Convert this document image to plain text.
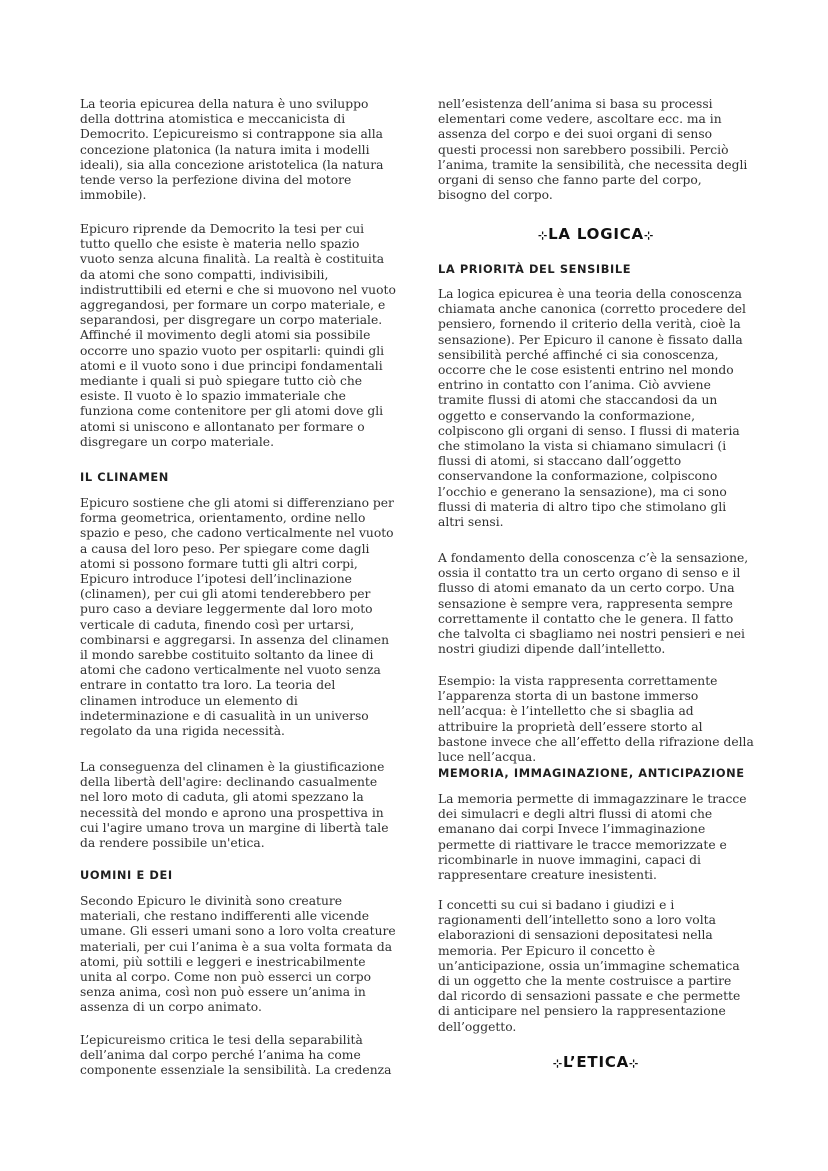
La teoria epicurea della natura è uno sviluppo della dottrina atomistica e meccanicista di Democrito. L’epicureismo si contrappone sia alla concezione platonica (la natura imita i modelli ideali), sia alla concezione aristotelica (la natura tende verso la perfezione divina del motore immobile).

Epicuro riprende da Democrito la tesi per cui tutto quello che esiste è materia nello spazio vuoto senza alcuna finalità. La realtà è costituita da atomi che sono compatti, indivisibili, indistruttibili ed eterni e che si muovono nel vuoto aggregandosi, per formare un corpo materiale, e separandosi, per disgregare un corpo materiale. Affinché il movimento degli atomi sia possibile occorre uno spazio vuoto per ospitarli: quindi gli atomi e il vuoto sono i due principi fondamentali mediante i quali si può spiegare tutto ciò che esiste. Il vuoto è lo spazio immateriale che funziona come contenitore per gli atomi dove gli atomi si uniscono e allontanato per formare o disgregare un corpo materiale.

IL CLINAMEN

Epicuro sostiene che gli atomi si differenziano per forma geometrica, orientamento, ordine nello spazio e peso, che cadono verticalmente nel vuoto a causa del loro peso. Per spiegare come dagli atomi si possono formare tutti gli altri corpi, Epicuro introduce l’ipotesi dell’inclinazione (clinamen), per cui gli atomi tenderebbero per puro caso a deviare leggermente dal loro moto verticale di caduta, finendo così per urtarsi, combinarsi e aggregarsi. In assenza del clinamen il mondo sarebbe costituito soltanto da linee di atomi che cadono verticalmente nel vuoto senza entrare in contatto tra loro. La teoria del clinamen introduce un elemento di indeterminazione e di casualità in un universo regolato da una rigida necessità.

La conseguenza del clinamen è la giustificazione della libertà dell'agire: declinando casualmente nel loro moto di caduta, gli atomi spezzano la necessità del mondo e aprono una prospettiva in cui l'agire umano trova un margine di libertà tale da rendere possibile un'etica.

UOMINI E DEI

Secondo Epicuro le divinità sono creature materiali, che restano indifferenti alle vicende umane. Gli esseri umani sono a loro volta creature materiali, per cui l’anima è a sua volta formata da atomi, più sottili e leggeri e inestricabilmente unita al corpo. Come non può esserci un corpo senza anima, così non può essere un’anima in assenza di un corpo animato.

L’epicureismo critica le tesi della separabilità dell’anima dal corpo perché l’anima ha come componente essenziale la sensibilità. La credenza

nell’esistenza dell’anima si basa su processi elementari come vedere, ascoltare ecc. ma in assenza del corpo e dei suoi organi di senso questi processi non sarebbero possibili. Perciò l’anima, tramite la sensibilità, che necessita degli organi di senso che fanno parte del corpo, bisogno del corpo.

⊹LA LOGICA⊹
LA PRIORITÀ DEL SENSIBILE

La logica epicurea è una teoria della conoscenza chiamata anche canonica (corretto procedere del pensiero, fornendo il criterio della verità, cioè la sensazione). Per Epicuro il canone è fissato dalla sensibilità perché affinché ci sia conoscenza, occorre che le cose esistenti entrino nel mondo entrino in contatto con l’anima. Ciò avviene tramite flussi di atomi che staccandosi da un oggetto e conservando la conformazione, colpiscono gli organi di senso. I flussi di materia che stimolano la vista si chiamano simulacri (i flussi di atomi, si staccano dall’oggetto conservandone la conformazione, colpiscono l’occhio e generano la sensazione), ma ci sono flussi di materia di altro tipo che stimolano gli altri sensi.

A fondamento della conoscenza c’è la sensazione, ossia il contatto tra un certo organo di senso e il flusso di atomi emanato da un certo corpo. Una sensazione è sempre vera, rappresenta sempre correttamente il contatto che le genera. Il fatto che talvolta ci sbagliamo nei nostri pensieri e nei nostri giudizi dipende dall’intelletto.

Esempio: la vista rappresenta correttamente l’apparenza storta di un bastone immerso nell’acqua: è l’intelletto che si sbaglia ad attribuire la proprietà dell’essere storto al bastone invece che all’effetto della rifrazione della luce nell’acqua.

MEMORIA, IMMAGINAZIONE, ANTICIPAZIONE

La memoria permette di immagazzinare le tracce dei simulacri e degli altri flussi di atomi che emanano dai corpi Invece l’immaginazione permette di riattivare le tracce memorizzate e ricombinarle in nuove immagini, capaci di rappresentare creature inesistenti.

I concetti su cui si badano i giudizi e i ragionamenti dell’intelletto sono a loro volta elaborazioni di sensazioni depositatesi nella memoria. Per Epicuro il concetto è un’anticipazione, ossia un’immagine schematica di un oggetto che la mente costruisce a partire dal ricordo di sensazioni passate e che permette di anticipare nel pensiero la rappresentazione dell’oggetto.

⊹L’ETICA⊹
